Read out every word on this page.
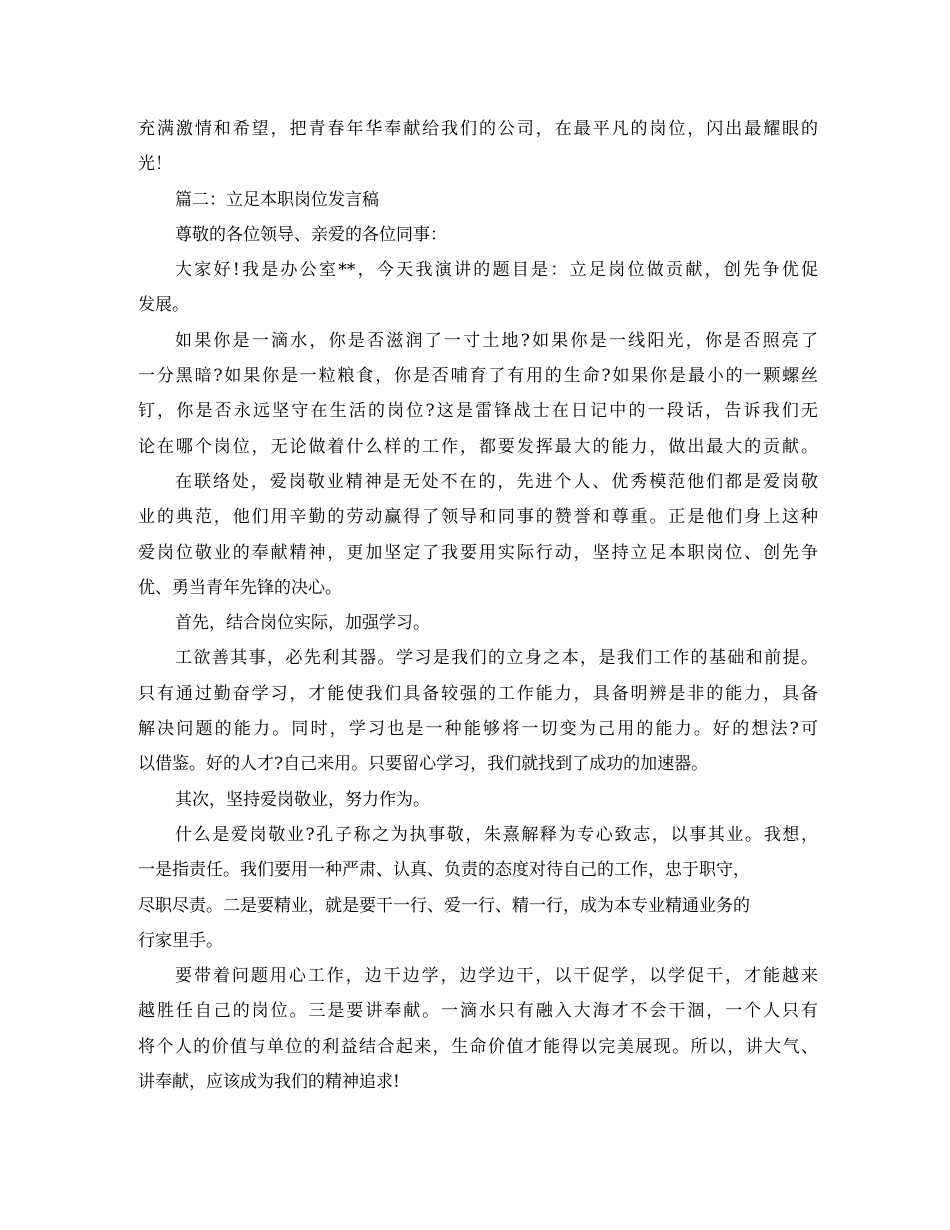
充满激情和希望，把青春年华奉献给我们的公司，在最平凡的岗位，闪出最耀眼的
光！
篇二：立足本职岗位发言稿
尊敬的各位领导、亲爱的各位同事：
大家好!我是办公室**，今天我演讲的题目是：立足岗位做贡献，创先争优促
发展。
如果你是一滴水，你是否滋润了一寸土地?如果你是一线阳光，你是否照亮了
一分黑暗?如果你是一粒粮食，你是否哺育了有用的生命?如果你是最小的一颗螺丝
钉，你是否永远坚守在生活的岗位?这是雷锋战士在日记中的一段话，告诉我们无
论在哪个岗位，无论做着什么样的工作，都要发挥最大的能力，做出最大的贡献。
在联络处，爱岗敬业精神是无处不在的，先进个人、优秀模范他们都是爱岗敬
业的典范，他们用辛勤的劳动赢得了领导和同事的赞誉和尊重。正是他们身上这种
爱岗位敬业的奉献精神，更加坚定了我要用实际行动，坚持立足本职岗位、创先争
优、勇当青年先锋的决心。
首先，结合岗位实际，加强学习。
工欲善其事，必先利其器。学习是我们的立身之本，是我们工作的基础和前提。
只有通过勤奋学习，才能使我们具备较强的工作能力，具备明辨是非的能力，具备
解决问题的能力。同时，学习也是一种能够将一切变为己用的能力。好的想法?可
以借鉴。好的人才?自己来用。只要留心学习，我们就找到了成功的加速器。
其次，坚持爱岗敬业，努力作为。
什么是爱岗敬业?孔子称之为执事敬，朱熹解释为专心致志，以事其业。我想，
一是指责任。我们要用一种严肃、认真、负责的态度对待自己的工作，忠于职守，
尽职尽责。二是要精业，就是要干一行、爱一行、精一行，成为本专业精通业务的
行家里手。
要带着问题用心工作，边干边学，边学边干，以干促学，以学促干，才能越来
越胜任自己的岗位。三是要讲奉献。一滴水只有融入大海才不会干涸，一个人只有
将个人的价值与单位的利益结合起来，生命价值才能得以完美展现。所以，讲大气、
讲奉献，应该成为我们的精神追求!
